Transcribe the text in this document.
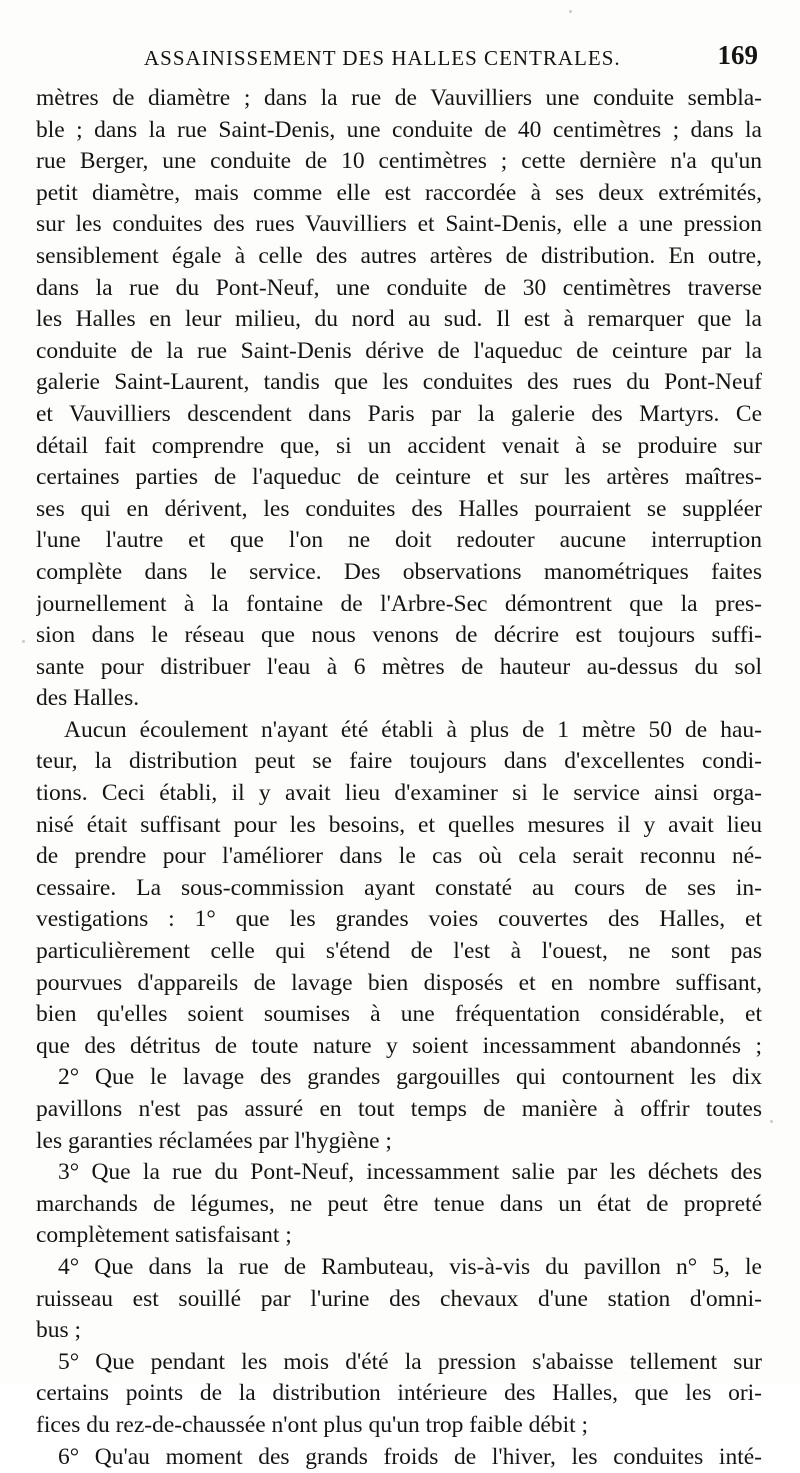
ASSAINISSEMENT DES HALLES CENTRALES.	169
mètres de diamètre ; dans la rue de Vauvilliers une conduite sembla-
ble ; dans la rue Saint-Denis, une conduite de 40 centimètres ; dans la
rue Berger, une conduite de 10 centimètres ; cette dernière n'a qu'un
petit diamètre, mais comme elle est raccordée à ses deux extrémités,
sur les conduites des rues Vauvilliers et Saint-Denis, elle a une pression
sensiblement égale à celle des autres artères de distribution. En outre,
dans la rue du Pont-Neuf, une conduite de 30 centimètres traverse
les Halles en leur milieu, du nord au sud. Il est à remarquer que la
conduite de la rue Saint-Denis dérive de l'aqueduc de ceinture par la
galerie Saint-Laurent, tandis que les conduites des rues du Pont-Neuf
et Vauvilliers descendent dans Paris par la galerie des Martyrs. Ce
détail fait comprendre que, si un accident venait à se produire sur
certaines parties de l'aqueduc de ceinture et sur les artères maîtres-
ses qui en dérivent, les conduites des Halles pourraient se suppléer
l'une l'autre et que l'on ne doit redouter aucune interruption
complète dans le service. Des observations manométriques faites
journellement à la fontaine de l'Arbre-Sec démontrent que la pres-
sion dans le réseau que nous venons de décrire est toujours suffi-
sante pour distribuer l'eau à 6 mètres de hauteur au-dessus du sol
des Halles.
Aucun écoulement n'ayant été établi à plus de 1 mètre 50 de hau-
teur, la distribution peut se faire toujours dans d'excellentes condi-
tions. Ceci établi, il y avait lieu d'examiner si le service ainsi orga-
nisé était suffisant pour les besoins, et quelles mesures il y avait lieu
de prendre pour l'améliorer dans le cas où cela serait reconnu né-
cessaire. La sous-commission ayant constaté au cours de ses in-
vestigations : 1° que les grandes voies couvertes des Halles, et
particulièrement celle qui s'étend de l'est à l'ouest, ne sont pas
pourvues d'appareils de lavage bien disposés et en nombre suffisant,
bien qu'elles soient soumises à une fréquentation considérable, et
que des détritus de toute nature y soient incessamment abandonnés ;
2° Que le lavage des grandes gargouilles qui contournent les dix
pavillons n'est pas assuré en tout temps de manière à offrir toutes
les garanties réclamées par l'hygiène ;
3° Que la rue du Pont-Neuf, incessamment salie par les déchets des
marchands de légumes, ne peut être tenue dans un état de propreté
complètement satisfaisant ;
4° Que dans la rue de Rambuteau, vis-à-vis du pavillon n° 5, le
ruisseau est souillé par l'urine des chevaux d'une station d'omni-
bus ;
5° Que pendant les mois d'été la pression s'abaisse tellement sur
certains points de la distribution intérieure des Halles, que les ori-
fices du rez-de-chaussée n'ont plus qu'un trop faible débit ;
6° Qu'au moment des grands froids de l'hiver, les conduites inté-
